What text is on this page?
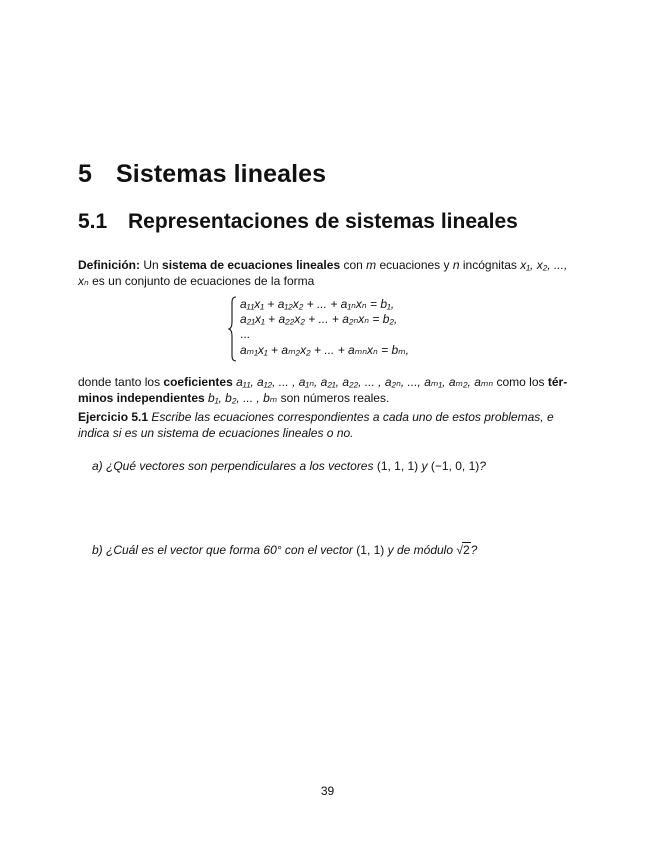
5 Sistemas lineales
5.1 Representaciones de sistemas lineales
Definición: Un sistema de ecuaciones lineales con m ecuaciones y n incógnitas x₁, x₂, ..., xₙ es un conjunto de ecuaciones de la forma
a₁₁x₁ + a₁₂x₂ + ... + a₁ₙxₙ = b₁,
a₂₁x₁ + a₂₂x₂ + ... + a₂ₙxₙ = b₂,
...
aₘ₁x₁ + aₘ₂x₂ + ... + aₘₙxₙ = bₘ,
donde tanto los coeficientes a₁₁, a₁₂, ... , a₁ₙ, a₂₁, a₂₂, ... , a₂ₙ, ..., aₘ₁, aₘ₂, aₘₙ como los términos independientes b₁, b₂, ... , bₘ son números reales.
Ejercicio 5.1 Escribe las ecuaciones correspondientes a cada uno de estos problemas, e indica si es un sistema de ecuaciones lineales o no.
a) ¿Qué vectores son perpendiculares a los vectores (1, 1, 1) y (−1, 0, 1)?
b) ¿Cuál es el vector que forma 60° con el vector (1, 1) y de módulo √2?
39
